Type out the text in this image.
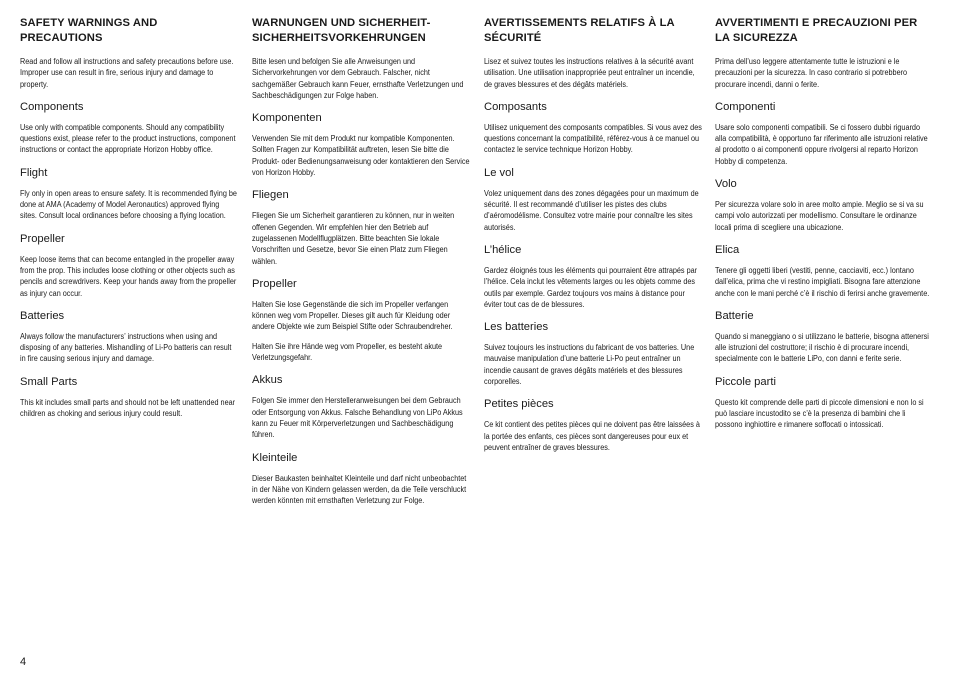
SAFETY WARNINGS AND PRECAUTIONS

Read and follow all instructions and safety precautions before use. Improper use can result in fire, serious injury and damage to property.

Components

Use only with compatible components. Should any compatibility questions exist, please refer to the product instructions, component instructions or contact the appropriate Horizon Hobby office.

Flight

Fly only in open areas to ensure safety. It is recommended flying be done at AMA (Academy of Model Aeronautics) approved flying sites. Consult local ordinances before choosing a flying location.

Propeller

Keep loose items that can become entangled in the propeller away from the prop. This includes loose clothing or other objects such as pencils and screwdrivers. Keep your hands away from the propeller as injury can occur.

Batteries

Always follow the manufacturers’ instructions when using and disposing of any batteries. Mishandling of Li-Po batteris can result in fire causing serious injury and damage.

Small Parts

This kit includes small parts and should not be left unattended near children as choking and serious injury could result.

WARNUNGEN UND SICHERHEIT-SICHERHEITSVORKEHRUNGEN

Bitte lesen und befolgen Sie alle Anweisungen und Sichervorkehrungen vor dem Gebrauch. Falscher, nicht sachgemäßer Gebrauch kann Feuer, ernsthafte Verletzungen und Sachbeschädigungen zur Folge haben.

Komponenten

Verwenden Sie mit dem Produkt nur kompatible Komponenten. Sollten Fragen zur Kompatibilität auftreten, lesen Sie bitte die Produkt- oder Bedienungsanweisung oder kontaktieren den Service von Horizon Hobby.

Fliegen

Fliegen Sie um Sicherheit garantieren zu können, nur in weiten offenen Gegenden. Wir empfehlen hier den Betrieb auf zugelassenen Modellflugplätzen. Bitte beachten Sie lokale Vorschriften und Gesetze, bevor Sie einen Platz zum Fliegen wählen.

Propeller

Halten Sie lose Gegenstände die sich im Propeller verfangen können weg vom Propeller. Dieses gilt auch für Kleidung oder andere Objekte wie zum Beispiel Stifte oder Schraubendreher.

Halten Sie ihre Hände weg vom Propeller, es besteht akute Verletzungsgefahr.

Akkus

Folgen Sie immer den Herstelleranweisungen bei dem Gebrauch oder Entsorgung von Akkus. Falsche Behandlung von LiPo Akkus kann zu Feuer mit Körperverletzungen und Sachbeschädigung führen.

Kleinteile

Dieser Baukasten beinhaltet Kleinteile und darf nicht unbeobachtet in der Nähe von Kindern gelassen werden, da die Teile verschluckt werden könnten mit ernsthaften Verletzung zur Folge.

AVERTISSEMENTS RELATIFS À LA SÉCURITÉ

Lisez et suivez toutes les instructions relatives à la sécurité avant utilisation. Une utilisation inappropriée peut entraîner un incendie, de graves blessures et des dégâts matériels.

Composants

Utilisez uniquement des composants compatibles. Si vous avez des questions concernant la compatibilité, référez-vous à ce manuel ou contactez le service technique Horizon Hobby.

Le vol

Volez uniquement dans des zones dégagées pour un maximum de sécurité. Il est recommandé d’utiliser les pistes des clubs d’aéromodélisme. Consultez votre mairie pour connaître les sites autorisés.

L’hélice

Gardez éloignés tous les éléments qui pourraient être attrapés par l’hélice. Cela inclut les vêtements larges ou les objets comme des outils par exemple. Gardez toujours vos mains à distance pour éviter tout cas de de blessures.

Les batteries

Suivez toujours les instructions du fabricant de vos batteries. Une mauvaise manipulation d’une batterie Li-Po peut entraîner un incendie causant de graves dégâts matériels et des blessures corporelles.

Petites pièces

Ce kit contient des petites pièces qui ne doivent pas être laissées à la portée des enfants, ces pièces sont dangereuses pour eux et peuvent entraîner de graves blessures.

AVVERTIMENTI E PRECAUZIONI PER LA SICUREZZA

Prima dell’uso leggere attentamente tutte le istruzioni e le precauzioni per la sicurezza. In caso contrario si potrebbero procurare incendi, danni o ferite.

Componenti

Usare solo componenti compatibili. Se ci fossero dubbi riguardo alla compatibilità, è opportuno far riferimento alle istruzioni relative al prodotto o ai componenti oppure rivolgersi al reparto Horizon Hobby di competenza.

Volo

Per sicurezza volare solo in aree molto ampie. Meglio se si va su campi volo autorizzati per modellismo. Consultare le ordinanze locali prima di scegliere una ubicazione.

Elica

Tenere gli oggetti liberi (vestiti, penne, cacciaviti, ecc.) lontano dall’elica, prima che vi restino impigliati. Bisogna fare attenzione anche con le mani perché c’è il rischio di ferirsi anche gravemente.

Batterie

Quando si maneggiano o si utilizzano le batterie, bisogna attenersi alle istruzioni del costruttore; il rischio è di procurare incendi, specialmente con le batterie LiPo, con danni e ferite serie.

Piccole parti

Questo kit comprende delle parti di piccole dimensioni e non lo si può lasciare incustodito se c’è la presenza di bambini che li possono inghiottire e rimanere soffocati o intossicati.

4
